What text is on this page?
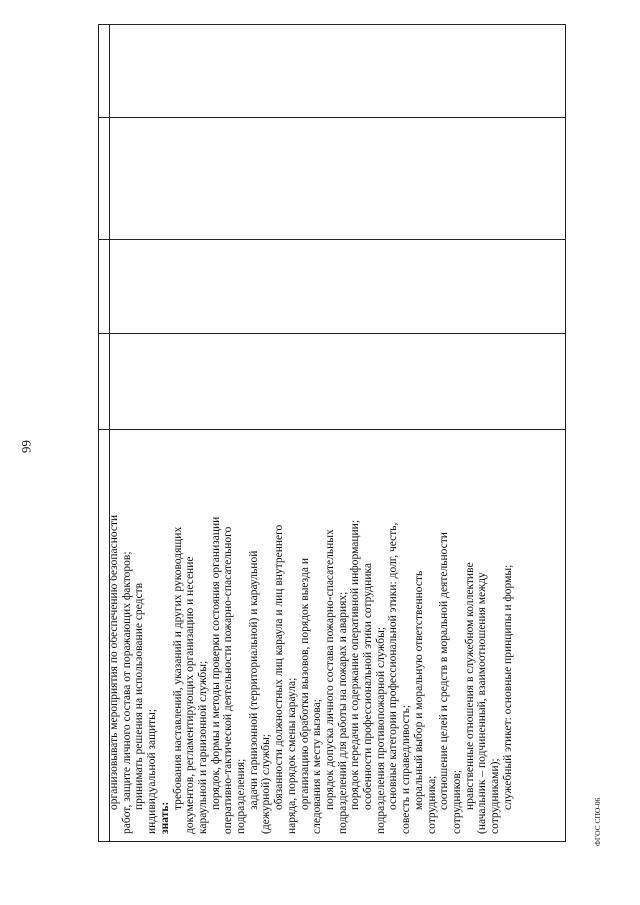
66

организовывать мероприятия по обеспечению безопасности работ, защите личного состава от поражающих факторов; принимать решения на использование средств индивидуальной защиты; знать:

требования наставлений, указаний и других руководящих документов, регламентирующих организацию и несение караульной и гарнизонной службы; порядок, формы и методы проверки состояния организации оперативно-тактической деятельности пожарно-спасательного подразделения; задачи гарнизонной (территориальной) и караульной (дежурной) службы; обязанности должностных лиц караула и лиц внутреннего наряда, порядок смены караула; организацию обработки вызовов, порядок выезда и следования к месту вызова; порядок допуска личного состава пожарно-спасательных подразделений для работы на пожарах и авариях; порядок передачи и содержание оперативной информации; особенности профессиональной этики сотрудника подразделения противопожарной службы; основные категории профессиональной этики: долг, честь, совесть и справедливость; моральный выбор и моральную ответственность сотрудника; соотношение целей и средств в моральной деятельности сотрудников; нравственные отношения в служебном коллективе (начальник – подчиненный, взаимоотношения между сотрудниками); служебный этикет: основные принципы и формы;

ФГОС СПО-06
